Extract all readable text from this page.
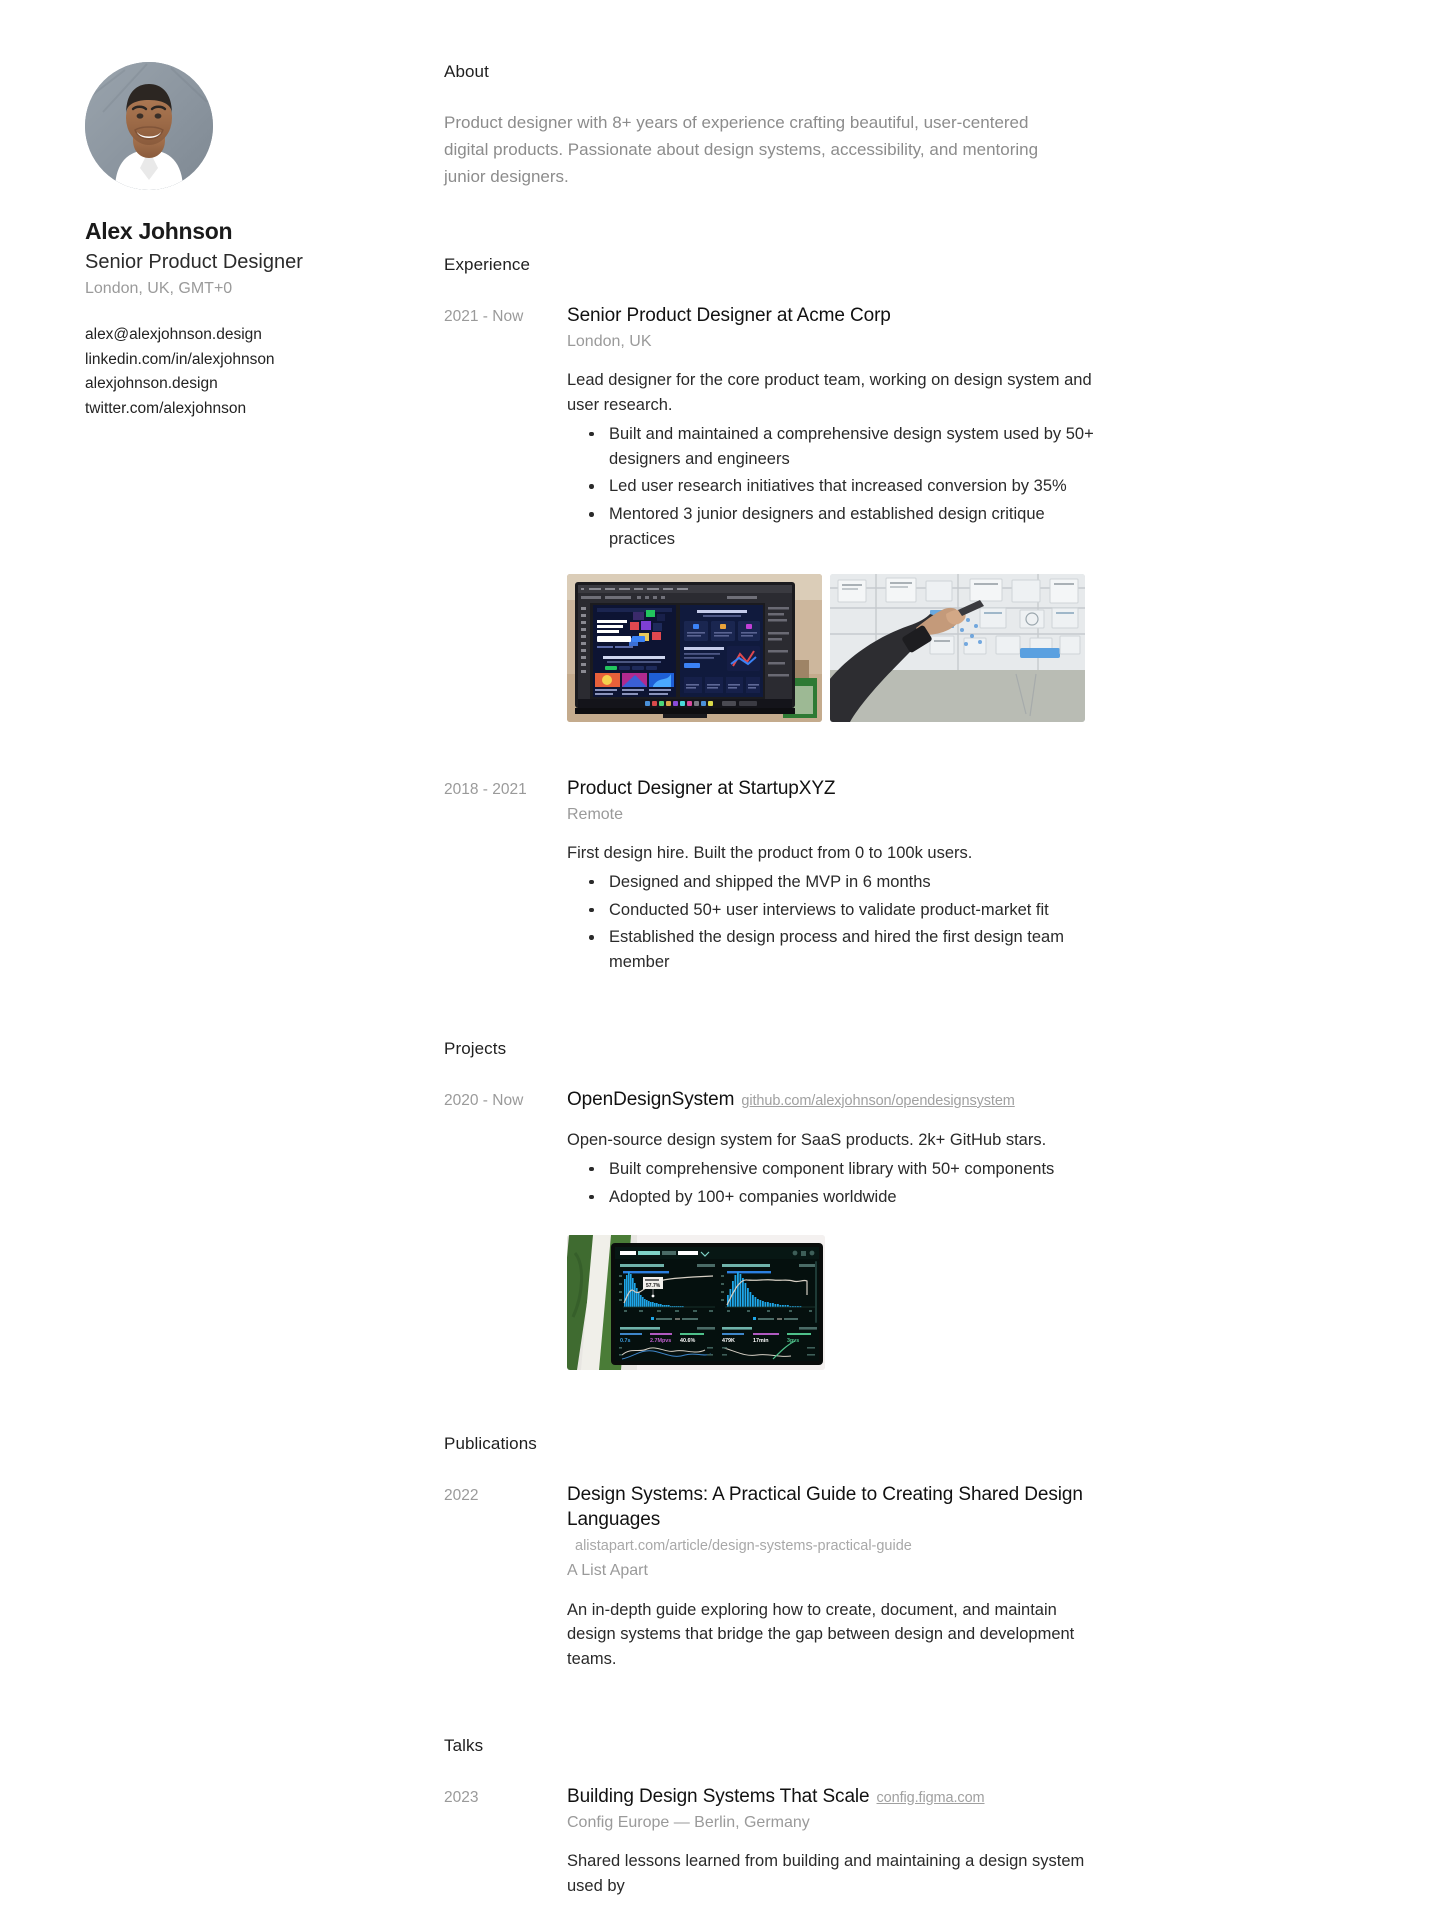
Alex Johnson
Senior Product Designer
London, UK, GMT+0
alex@alexjohnson.design
linkedin.com/in/alexjohnson
alexjohnson.design
twitter.com/alexjohnson
About

Product designer with 8+ years of experience crafting beautiful, user-centered digital products. Passionate about design systems, accessibility, and mentoring junior designers.

Experience
2021 - Now	Senior Product Designer at Acme Corp
London, UK

Lead designer for the core product team, working on design system and user research.

Built and maintained a comprehensive design system used by 50+ designers and engineers
Led user research initiatives that increased conversion by 35%
Mentored 3 junior designers and established design critique practices
2018 - 2021	Product Designer at StartupXYZ
Remote

First design hire. Built the product from 0 to 100k users.

Designed and shipped the MVP in 6 months
Conducted 50+ user interviews to validate product-market fit
Established the design process and hired the first design team member
Projects
2020 - Now	OpenDesignSystem github.com/alexjohnson/opendesignsystem

Open-source design system for SaaS products. 2k+ GitHub stars.

Built comprehensive component library with 50+ components
Adopted by 100+ companies worldwide
57.7%
0.7s	2.7Mpvs 40.6%	479K	17min	3pvs
Publications
2022	Design Systems: A Practical Guide to Creating Shared Design Languages
alistapart.com/article/design-systems-practical-guide
A List Apart

An in-depth guide exploring how to create, document, and maintain design systems that bridge the gap between design and development teams.

Talks
2023	Building Design Systems That Scale config.figma.com
Config Europe — Berlin, Germany

Shared lessons learned from building and maintaining a design system used by
